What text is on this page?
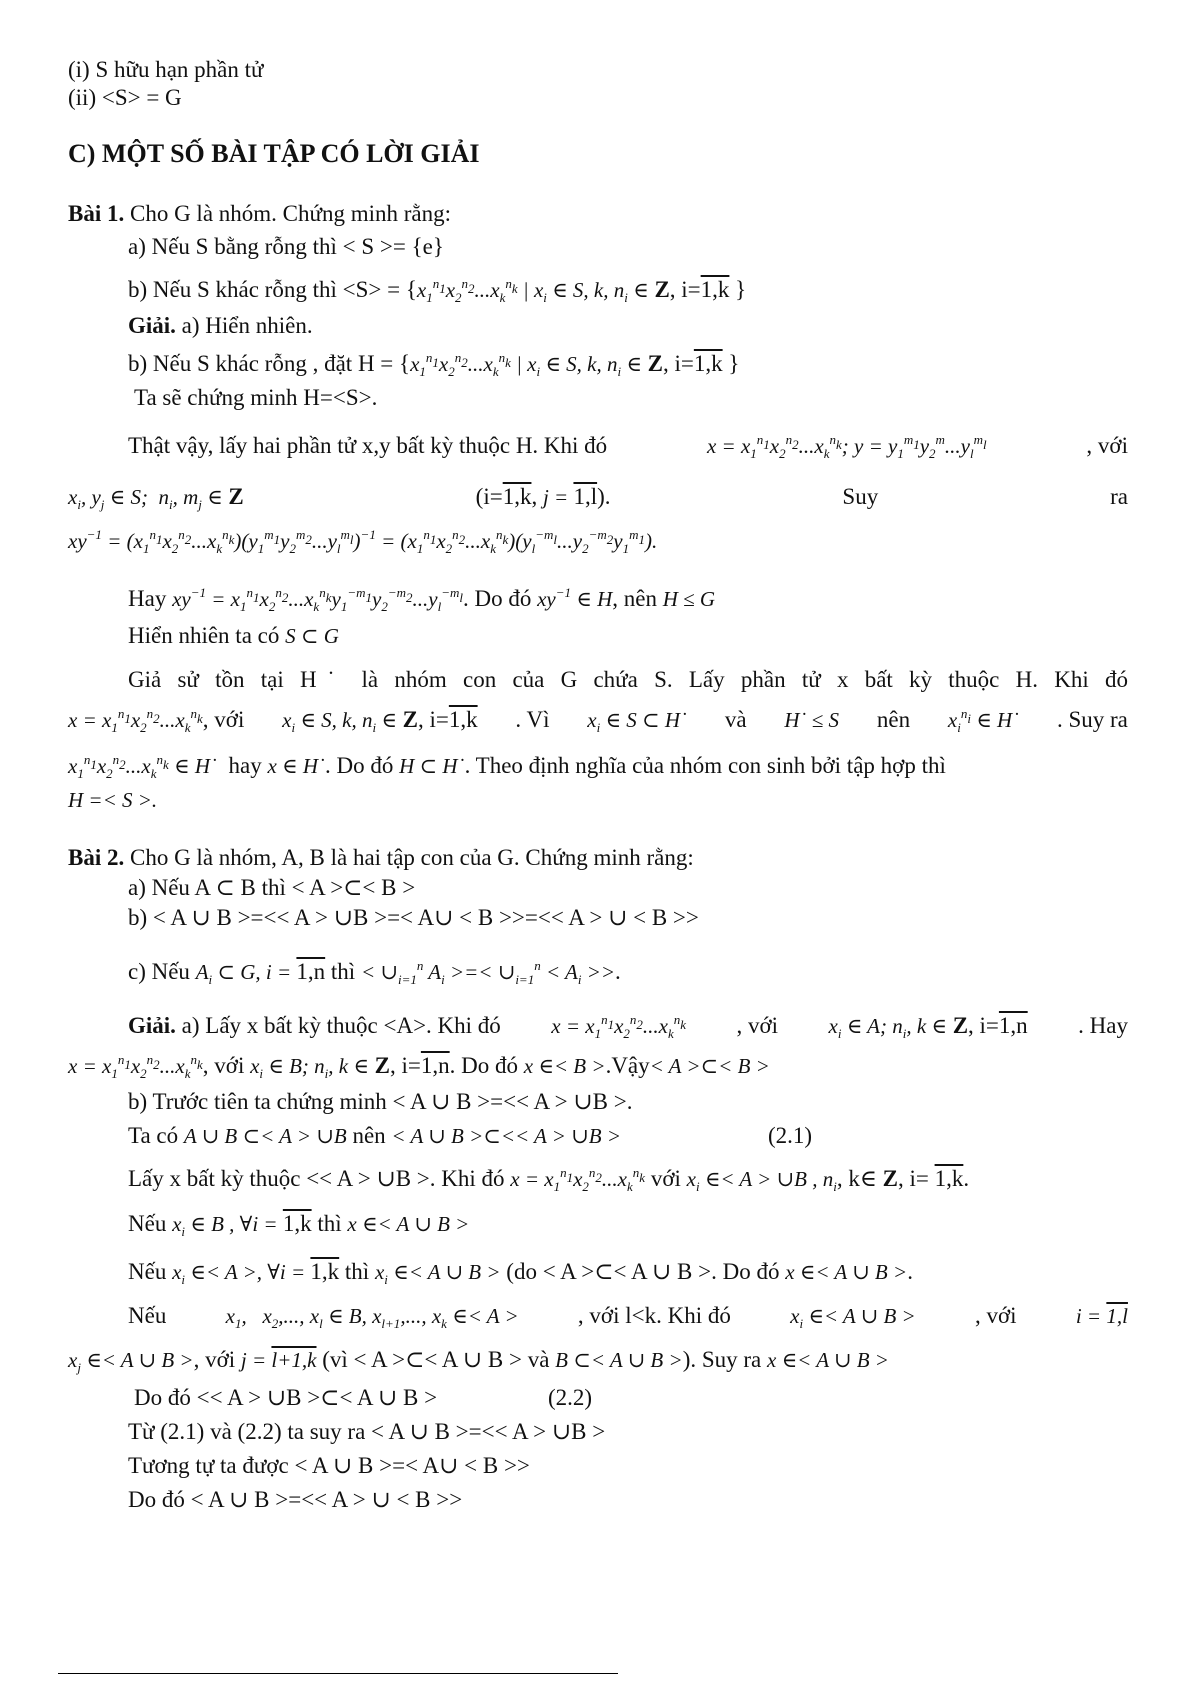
(i) S hữu hạn phần tử
(ii) <S> = G
C) MỘT SỐ BÀI TẬP CÓ LỜI GIẢI
Bài 1. Cho G là nhóm. Chứng minh rằng:
a) Nếu S bằng rỗng thì < S >= {e}
b) Nếu S khác rỗng thì $<S> = \{x_1^{n_1}x_2^{n_2}...x_k^{n_k}$ | $x_i$ ∈ S, k, $n_i$ ∈ Z, i=1,k }
Giải. a) Hiển nhiên.
b) Nếu S khác rỗng , đặt $H = \{x_1^{n_1}x_2^{n_2}...x_k^{n_k}$ | $x_i$ ∈ S, k, $n_i$ ∈ Z, i=1,k }
Ta sẽ chứng minh H=<S>.
Thật vậy, lấy hai phần tử x,y bất kỳ thuộc H. Khi đó	$x = x_1^{n_1}x_2^{n_2}...x_k^{n_k}$; $y = y_1^{m_1}y_2^m...y_l^{m_l}$	, với
$x_i$, $y_j$ ∈ S;  $n_i$, $m_j$ ∈ Z	(i=1,k, j = 1,l).	Suy	ra
$xy^{-1} = (x_1^{n_1}x_2^{n_2}...x_k^{n_k})(y_1^{m_1}y_2^{m_2}...y_l^{m_l})^{-1} = (x_1^{n_1}x_2^{n_2}...x_k^{n_k})(y_l^{-m_l}...y_2^{-m_2}y_1^{m_1})$.
Hay $xy^{-1} = x_1^{n_1}x_2^{n_2}...x_k^{n_k}y_1^{-m_1}y_2^{-m_2}...y_l^{-m_l}$. Do đó $xy^{-1}$ ∈ H, nên H ≤ G
Hiển nhiên ta có S ⊂ G
Giả sử tồn tại H˙ là nhóm con của G chứa S. Lấy phần tử x bất kỳ thuộc H. Khi đó
$x = x_1^{n_1}x_2^{n_2}...x_k^{n_k}$, với $x_i$ ∈ S, k, $n_i$ ∈ Z, i=1,k . Vì $x_i$ ∈ S ⊂ H˙ và H˙ ≤ S nên $x_i^{n_i}$ ∈ H˙ . Suy ra
$x_1^{n_1}x_2^{n_2}...x_k^{n_k}$ ∈ H˙ hay x ∈ H˙. Do đó H ⊂ H˙. Theo định nghĩa của nhóm con sinh bởi tập hợp thì
H =< S >.
Bài 2. Cho G là nhóm, A, B là hai tập con của G. Chứng minh rằng:
a) Nếu A ⊂ B thì < A >⊂< B >
b) < A ∪ B >=<< A > ∪B >=< A∪ < B >>=<< A > ∪ < B >>
c) Nếu $A_i$ ⊂ G, i = 1,n thì < $\cup_{i=1}^n$ $A_i$ >=< $\cup_{i=1}^n < A_i$ >>.
Giải. a) Lấy x bất kỳ thuộc <A>. Khi đó $x = x_1^{n_1}x_2^{n_2}...x_k^{n_k}$ , với $x_i$ ∈ A; $n_i$, k ∈ Z, i=1,n . Hay
$x = x_1^{n_1}x_2^{n_2}...x_k^{n_k}$, với $x_i$ ∈ B; $n_i$, k ∈ Z, i=1,n. Do đó x ∈< B >.Vậy< A >⊂< B >
b) Trước tiên ta chứng minh < A ∪ B >=<< A > ∪B >.
Ta có A ∪ B ⊂< A > ∪B nên < A ∪ B >⊂<< A > ∪B >	(2.1)
Lấy x bất kỳ thuộc << A > ∪B >. Khi đó $x = x_1^{n_1}x_2^{n_2}...x_k^{n_k}$ với $x_i$ ∈< A > ∪B , $n_i$, k∈ Z, i= 1,k.
Nếu $x_i$ ∈ B , ∀i = 1,k thì x ∈< A ∪ B >
Nếu $x_i$ ∈< A >, ∀i = 1,k thì $x_i$ ∈< A ∪ B > (do < A >⊂< A ∪ B >. Do đó x ∈< A ∪ B >.
Nếu	$x_1$,   $x_2$,..., $x_l$ ∈ B, $x_{l+1}$,..., $x_k$ ∈< A >	, với l<k. Khi đó	$x_i$ ∈< A ∪ B >	, với	i = 1,l
$x_j$ ∈< A ∪ B >, với j = l+1,k (vì < A >⊂< A ∪ B > và B ⊂< A ∪ B >). Suy ra x ∈< A ∪ B >
Do đó << A > ∪B >⊂< A ∪ B >	(2.2)
Từ (2.1) và (2.2) ta suy ra < A ∪ B >=<< A > ∪B >
Tương tự ta được < A ∪ B >=< A∪ < B >>
Do đó < A ∪ B >=<< A > ∪ < B >>
